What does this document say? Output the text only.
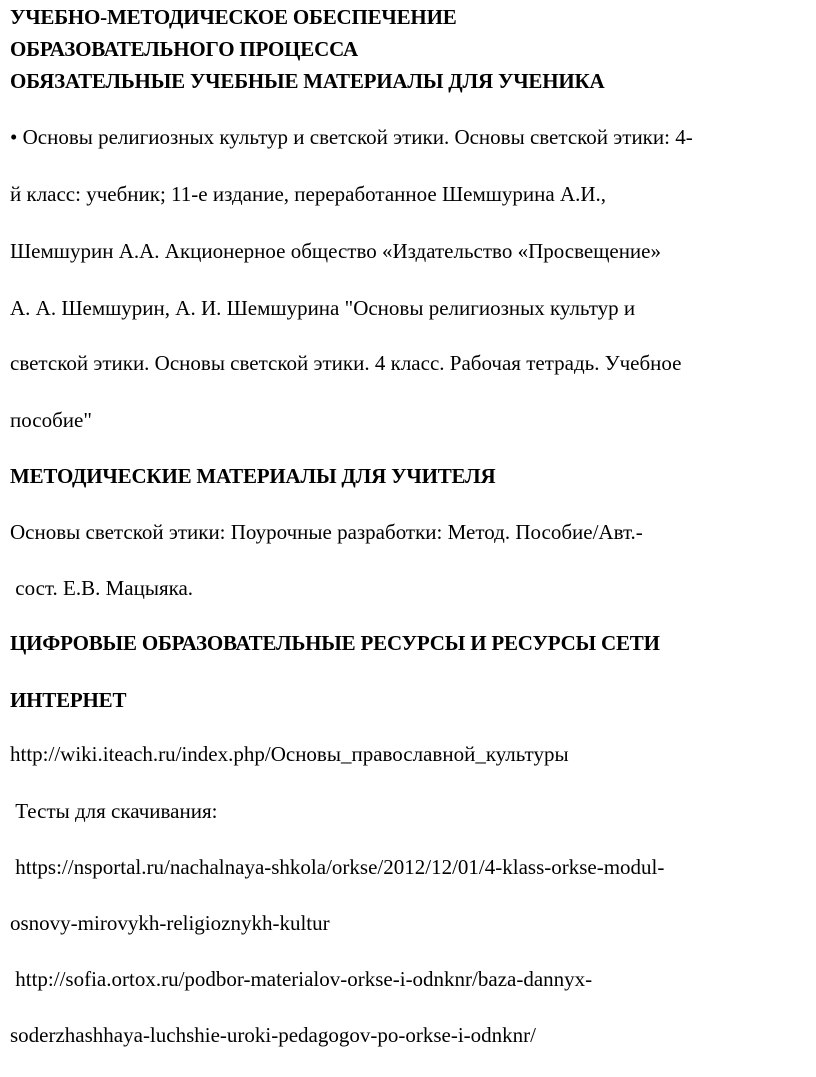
УЧЕБНО-МЕТОДИЧЕСКОЕ ОБЕСПЕЧЕНИЕ
ОБРАЗОВАТЕЛЬНОГО ПРОЦЕССА
ОБЯЗАТЕЛЬНЫЕ УЧЕБНЫЕ МАТЕРИАЛЫ ДЛЯ УЧЕНИКА
• Основы религиозных культур и светской этики. Основы светской этики: 4-
й класс: учебник; 11-е издание, переработанное Шемшурина А.И.,
Шемшурин А.А. Акционерное общество «Издательство «Просвещение»
А. А. Шемшурин, А. И. Шемшурина "Основы религиозных культур и
светской этики. Основы светской этики. 4 класс. Рабочая тетрадь. Учебное
пособие"
МЕТОДИЧЕСКИЕ МАТЕРИАЛЫ ДЛЯ УЧИТЕЛЯ
Основы светской этики: Поурочные разработки: Метод. Пособие/Авт.-
сост. Е.В. Мацыяка.
ЦИФРОВЫЕ ОБРАЗОВАТЕЛЬНЫЕ РЕСУРСЫ И РЕСУРСЫ СЕТИ
ИНТЕРНЕТ
http://wiki.iteach.ru/index.php/Основы_православной_культуры
Тесты для скачивания:
https://nsportal.ru/nachalnaya-shkola/orkse/2012/12/01/4-klass-orkse-modul-
osnovy-mirovykh-religioznykh-kultur
http://sofia.ortox.ru/podbor-materialov-orkse-i-odnknr/baza-dannyx-
soderzhashhaya-luchshie-uroki-pedagogov-po-orkse-i-odnknr/
